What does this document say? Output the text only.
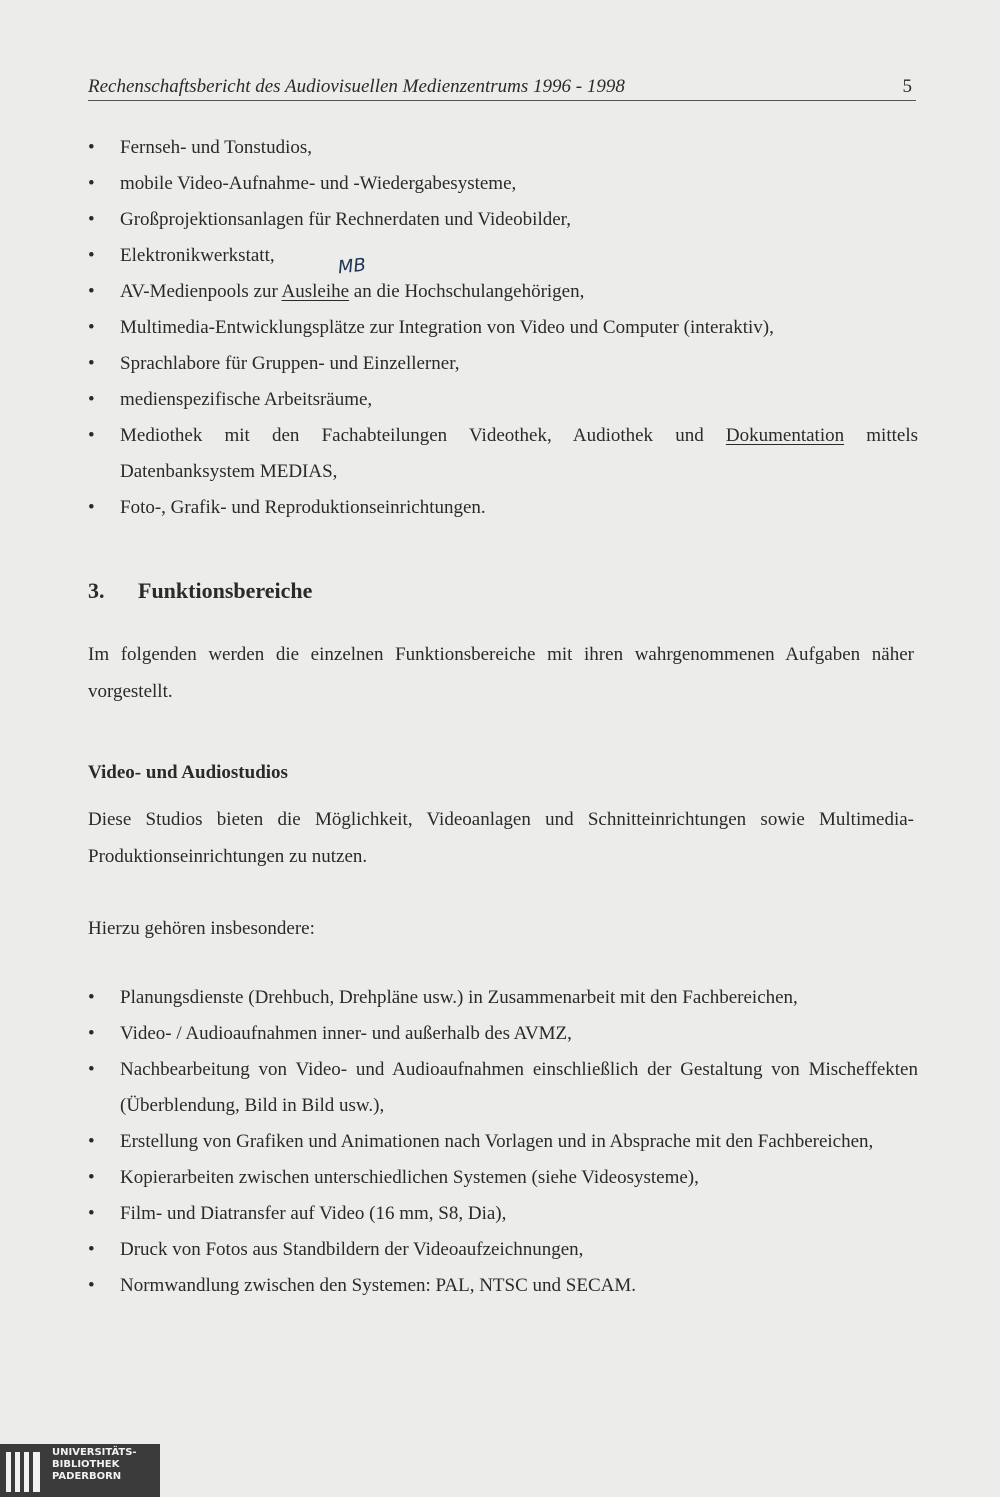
Rechenschaftsbericht des Audiovisuellen Medienzentrums 1996 - 1998	5
• Fernseh- und Tonstudios,
• mobile Video-Aufnahme- und -Wiedergabesysteme,
• Großprojektionsanlagen für Rechnerdaten und Videobilder,
• Elektronikwerkstatt,
• AV-Medienpools zur Ausleihe an die Hochschulangehörigen,
• Multimedia-Entwicklungsplätze zur Integration von Video und Computer (interaktiv),
• Sprachlabore für Gruppen- und Einzellerner,
• medienspezifische Arbeitsräume,
• Mediothek mit den Fachabteilungen Videothek, Audiothek und Dokumentation mittels Datenbanksystem MEDIAS,
• Foto-, Grafik- und Reproduktionseinrichtungen.
MB
3. Funktionsbereiche
Im folgenden werden die einzelnen Funktionsbereiche mit ihren wahrgenommenen Aufgaben näher vorgestellt.
Video- und Audiostudios
Diese Studios bieten die Möglichkeit, Videoanlagen und Schnitteinrichtungen sowie Multimedia-Produktionseinrichtungen zu nutzen.
Hierzu gehören insbesondere:
• Planungsdienste (Drehbuch, Drehpläne usw.) in Zusammenarbeit mit den Fachbereichen,
• Video- / Audioaufnahmen inner- und außerhalb des AVMZ,
• Nachbearbeitung von Video- und Audioaufnahmen einschließlich der Gestaltung von Mischeffekten (Überblendung, Bild in Bild usw.),
• Erstellung von Grafiken und Animationen nach Vorlagen und in Absprache mit den Fachbereichen,
• Kopierarbeiten zwischen unterschiedlichen Systemen (siehe Videosysteme),
• Film- und Diatransfer auf Video (16 mm, S8, Dia),
• Druck von Fotos aus Standbildern der Videoaufzeichnungen,
• Normwandlung zwischen den Systemen: PAL, NTSC und SECAM.
UNIVERSITÄTS-
BIBLIOTHEK
PADERBORN
